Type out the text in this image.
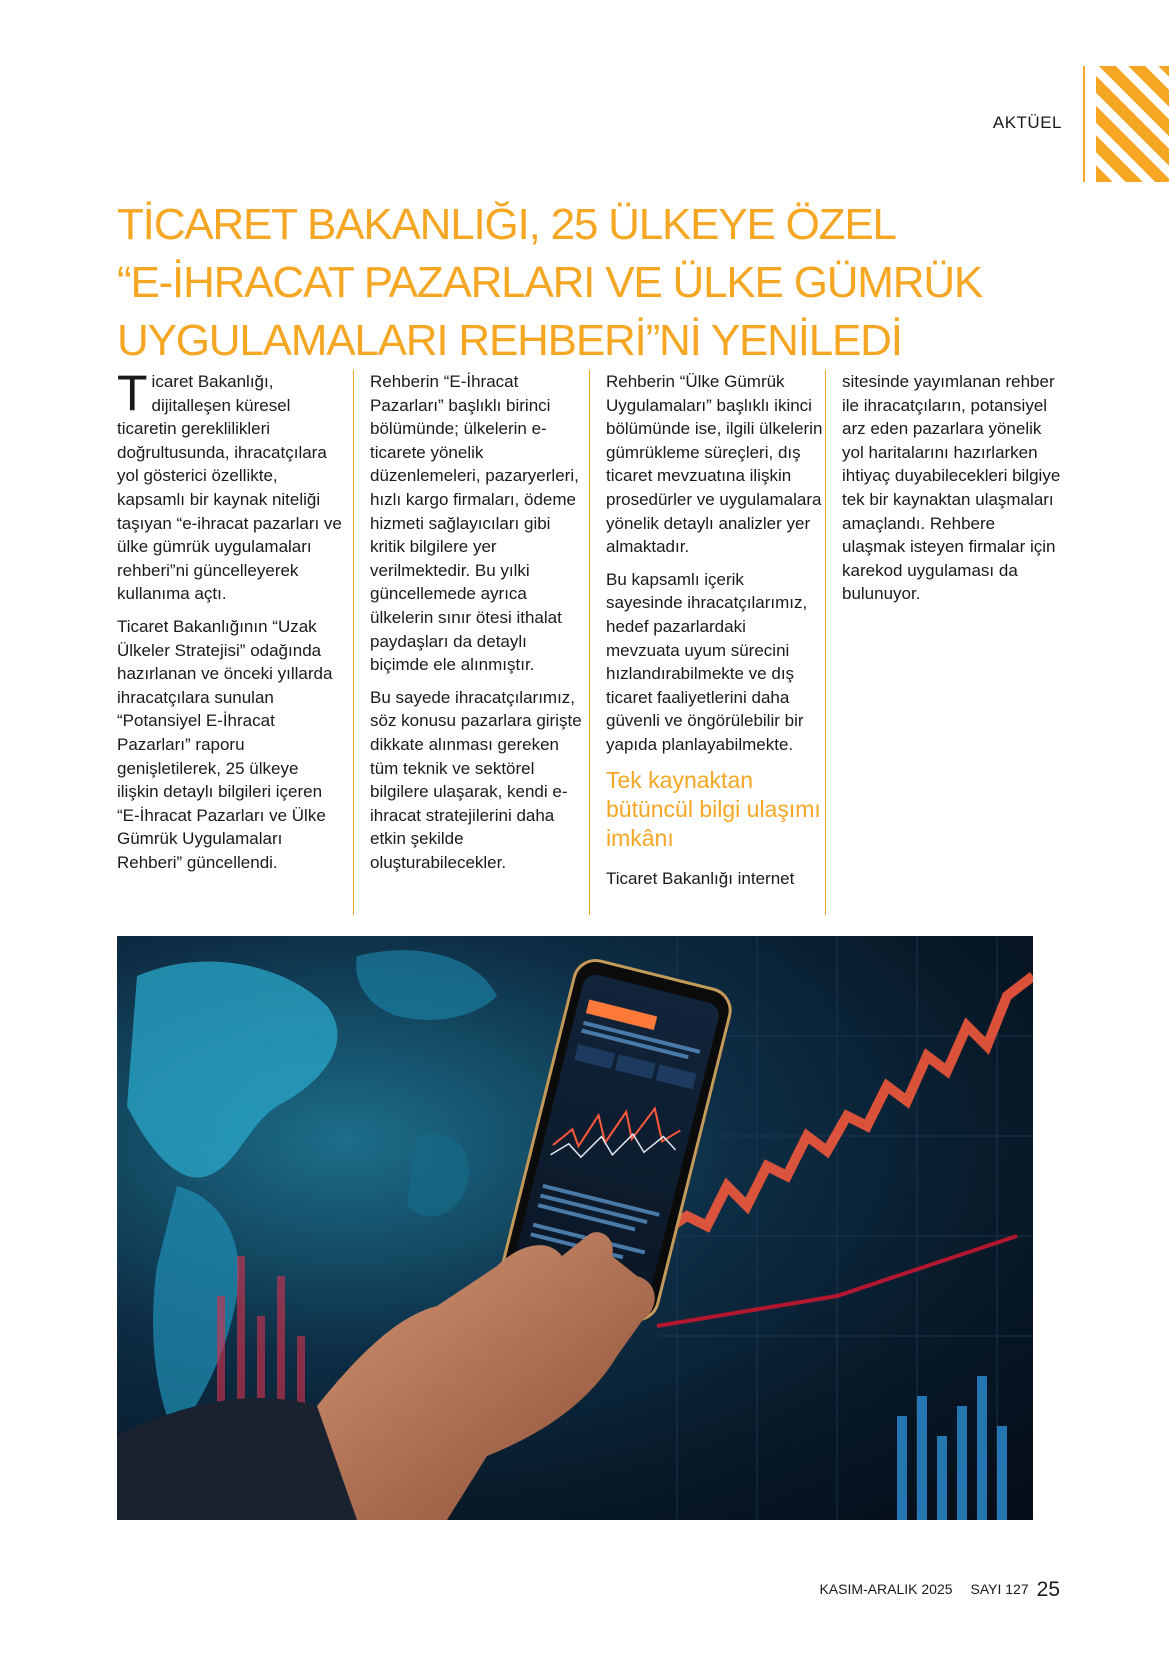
AKTÜEL
TİCARET BAKANLIĞI, 25 ÜLKEYE ÖZEL
“E-İHRACAT PAZARLARI VE ÜLKE GÜMRÜK
UYGULAMALARI REHBERİ”Nİ YENİLEDİ

Ticaret Bakanlığı, dijitalleşen küresel ticaretin gereklilikleri doğrultusunda, ihracatçılara yol gösterici özellikte, kapsamlı bir kaynak niteliği taşıyan “e-ihracat pazarları ve ülke gümrük uygulamaları rehberi”ni güncelleyerek kullanıma açtı.

Ticaret Bakanlığının “Uzak Ülkeler Stratejisi” odağında hazırlanan ve önceki yıllarda ihracatçılara sunulan “Potansiyel E-İhracat Pazarları” raporu genişletilerek, 25 ülkeye ilişkin detaylı bilgileri içeren “E-İhracat Pazarları ve Ülke Gümrük Uygulamaları Rehberi” güncellendi.

Rehberin “E-İhracat Pazarları” başlıklı birinci bölümünde; ülkelerin e-ticarete yönelik düzenlemeleri, pazaryerleri, hızlı kargo firmaları, ödeme hizmeti sağlayıcıları gibi kritik bilgilere yer verilmektedir. Bu yılki güncellemede ayrıca ülkelerin sınır ötesi ithalat paydaşları da detaylı biçimde ele alınmıştır.

Bu sayede ihracatçılarımız, söz konusu pazarlara girişte dikkate alınması gereken tüm teknik ve sektörel bilgilere ulaşarak, kendi e-ihracat stratejilerini daha etkin şekilde oluşturabilecekler.

Rehberin “Ülke Gümrük Uygulamaları” başlıklı ikinci bölümünde ise, ilgili ülkelerin gümrükleme süreçleri, dış ticaret mevzuatına ilişkin prosedürler ve uygulamalara yönelik detaylı analizler yer almaktadır.

Bu kapsamlı içerik sayesinde ihracatçılarımız, hedef pazarlardaki mevzuata uyum sürecini hızlandırabilmekte ve dış ticaret faaliyetlerini daha güvenli ve öngörülebilir bir yapıda planlayabilmekte.

Tek kaynaktan bütüncül bilgi ulaşımı imkânı

Ticaret Bakanlığı internet

sitesinde yayımlanan rehber ile ihracatçıların, potansiyel arz eden pazarlara yönelik yol haritalarını hazırlarken ihtiyaç duyabilecekleri bilgiye tek bir kaynaktan ulaşmaları amaçlandı. Rehbere ulaşmak isteyen firmalar için karekod uygulaması da bulunuyor.

KASIM-ARALIK 2025 SAYI 127 25
